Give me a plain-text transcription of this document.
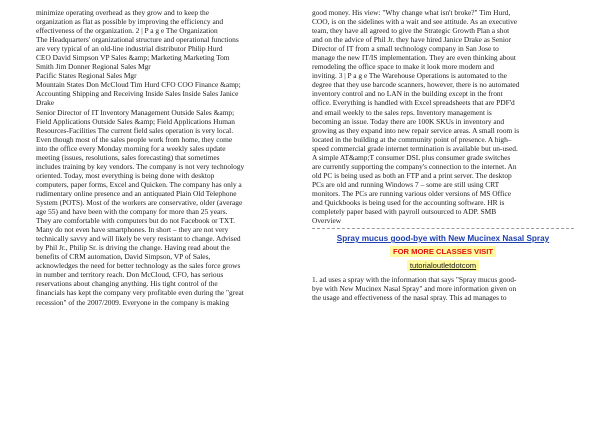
minimize operating overhead as they grow and to keep the
organization as flat as possible by improving the efficiency and
effectiveness of the organization. 2 | P a g e The Organization
The Headquarters' organizational structure and operational functions
are very typical of an old-line industrial distributor Philip Hurd
CEO David Simpson VP Sales &amp; Marketing Marketing Tom
Smith Jim Donner Regional Sales Mgr
Pacific States Regional Sales Mgr
Mountain States Don McCloud Tim Hurd CFO COO Finance &amp;
Accounting Shipping and Receiving Inside Sales Inside Sales Janice
Drake
Senior Director of IT Inventory Management Outside Sales &amp;
Field Applications Outside Sales &amp; Field Applications Human
Resources-Facilities The current field sales operation is very local.
Even though most of the sales people work from home, they come
into the office every Monday morning for a weekly sales update
meeting (issues, resolutions, sales forecasting) that sometimes
includes training by key vendors. The company is not very technology
oriented. Today, most everything is being done with desktop
computers, paper forms, Excel and Quicken. The company has only a
rudimentary online presence and an antiquated Plain Old Telephone
System (POTS). Most of the workers are conservative, older (average
age 55) and have been with the company for more than 25 years.
They are comfortable with computers but do not Facebook or TXT.
Many do not even have smartphones. In short – they are not very
technically savvy and will likely be very resistant to change. Advised
by Phil Jr., Philip Sr. is driving the change. Having read about the
benefits of CRM automation, David Simpson, VP of Sales,
acknowledges the need for better technology as the sales force grows
in number and territory reach. Don McCloud, CFO, has serious
reservations about changing anything. His tight control of the
financials has kept the company very profitable even during the "great
recession" of the 2007/2009. Everyone in the company is making
good money. His view: "Why change what isn't broke?" Tim Hurd,
COO, is on the sidelines with a wait and see attitude. As an executive
team, they have all agreed to give the Strategic Growth Plan a shot
and on the advice of Phil Jr. they have hired Janice Drake as Senior
Director of IT from a small technology company in San Jose to
manage the new IT/IS implementation. They are even thinking about
remodeling the office space to make it look more modern and
inviting. 3 | P a g e The Warehouse Operations is automated to the
degree that they use barcode scanners, however, there is no automated
inventory control and no LAN in the building except in the front
office. Everything is handled with Excel spreadsheets that are PDF'd
and email weekly to the sales reps. Inventory management is
becoming an issue. Today there are 100K SKUs in inventory and
growing as they expand into new repair service areas. A small room is
located in the building at the community point of presence. A high–
speed commercial grade internet termination is available but un-used.
A simple AT&amp;T consumer DSL plus consumer grade switches
are currently supporting the company's connection to the internet. An
old PC is being used as both an FTP and a print server. The desktop
PCs are old and running Windows 7 – some are still using CRT
monitors. The PCs are running various older versions of MS Office
and Quickbooks is being used for the accounting software. HR is
completely paper based with payroll outsourced to ADP. SMB
Overview
Spray mucus good-bye with New Mucinex Nasal Spray
FOR MORE CLASSES VISIT
tutorialoutletdotcom
1. ad uses a spray with the information that says "Spray mucus good-
bye with New Mucinex Nasal Spray" and more information given on
the usage and effectiveness of the nasal spray. This ad manages to
